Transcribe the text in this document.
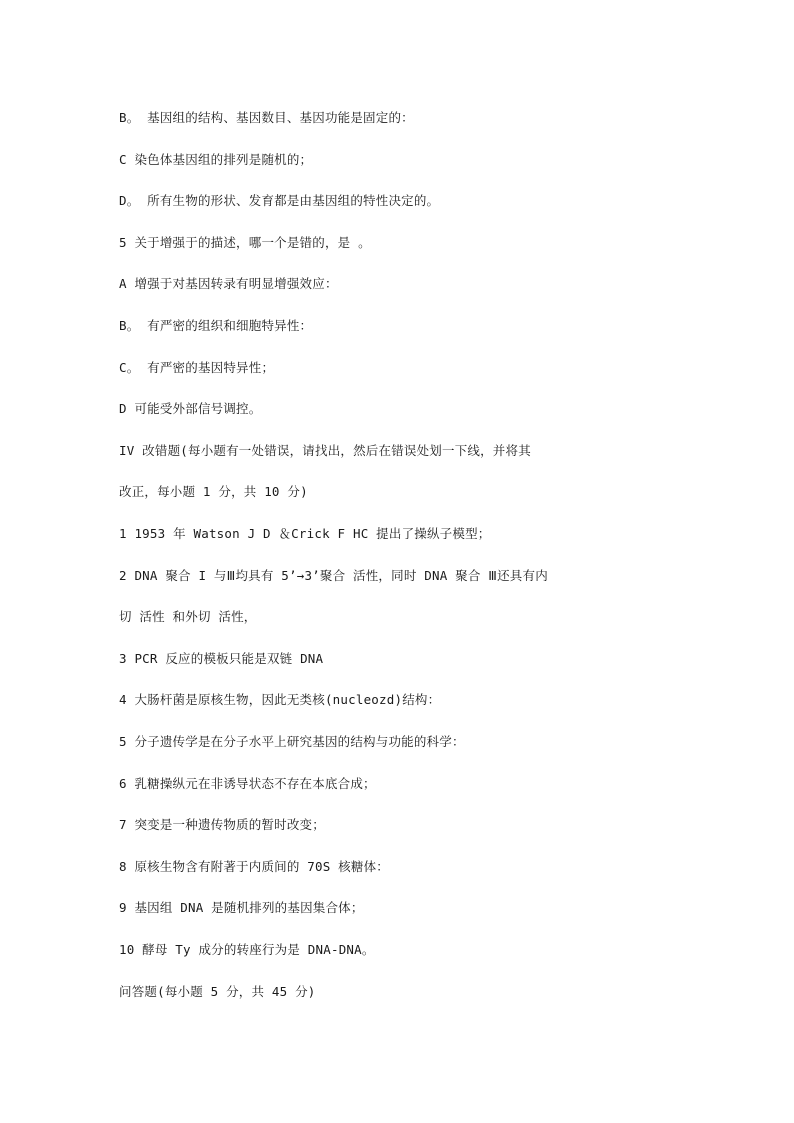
B。 基因组的结构、基因数目、基因功能是固定的：

C 染色体基因组的排列是随机的；

D。 所有生物的形状、发育都是由基因组的特性决定的。

5 关于增强于的描述，哪一个是错的，是 。

A 增强于对基因转录有明显增强效应：

B。 有严密的组织和细胞特异性：

C。 有严密的基因特异性；

D 可能受外部信号调控。

IV 改错题(每小题有一处错误，请找出，然后在错误处划一下线，并将其

改正，每小题 1 分，共 10 分)

1 1953 年 Watson J D ＆Crick F HC 提出了操纵子模型；

2 DNA 聚合 I 与Ⅲ均具有 5’→3’聚合 活性，同时 DNA 聚合 Ⅲ还具有内

切 活性 和外切 活性，

3 PCR 反应的模板只能是双链 DNA

4 大肠杆菌是原核生物，因此无类核(nucleozd)结构：

5 分子遗传学是在分子水平上研究基因的结构与功能的科学：

6 乳糖操纵元在非诱导状态不存在本底合成；

7 突变是一种遗传物质的暂时改变；

8 原核生物含有附著于内质间的 70S 核糖体：

9 基因组 DNA 是随机排列的基因集合体；

10 酵母 Ty 成分的转座行为是 DNA-DNA。

问答题(每小题 5 分，共 45 分)
